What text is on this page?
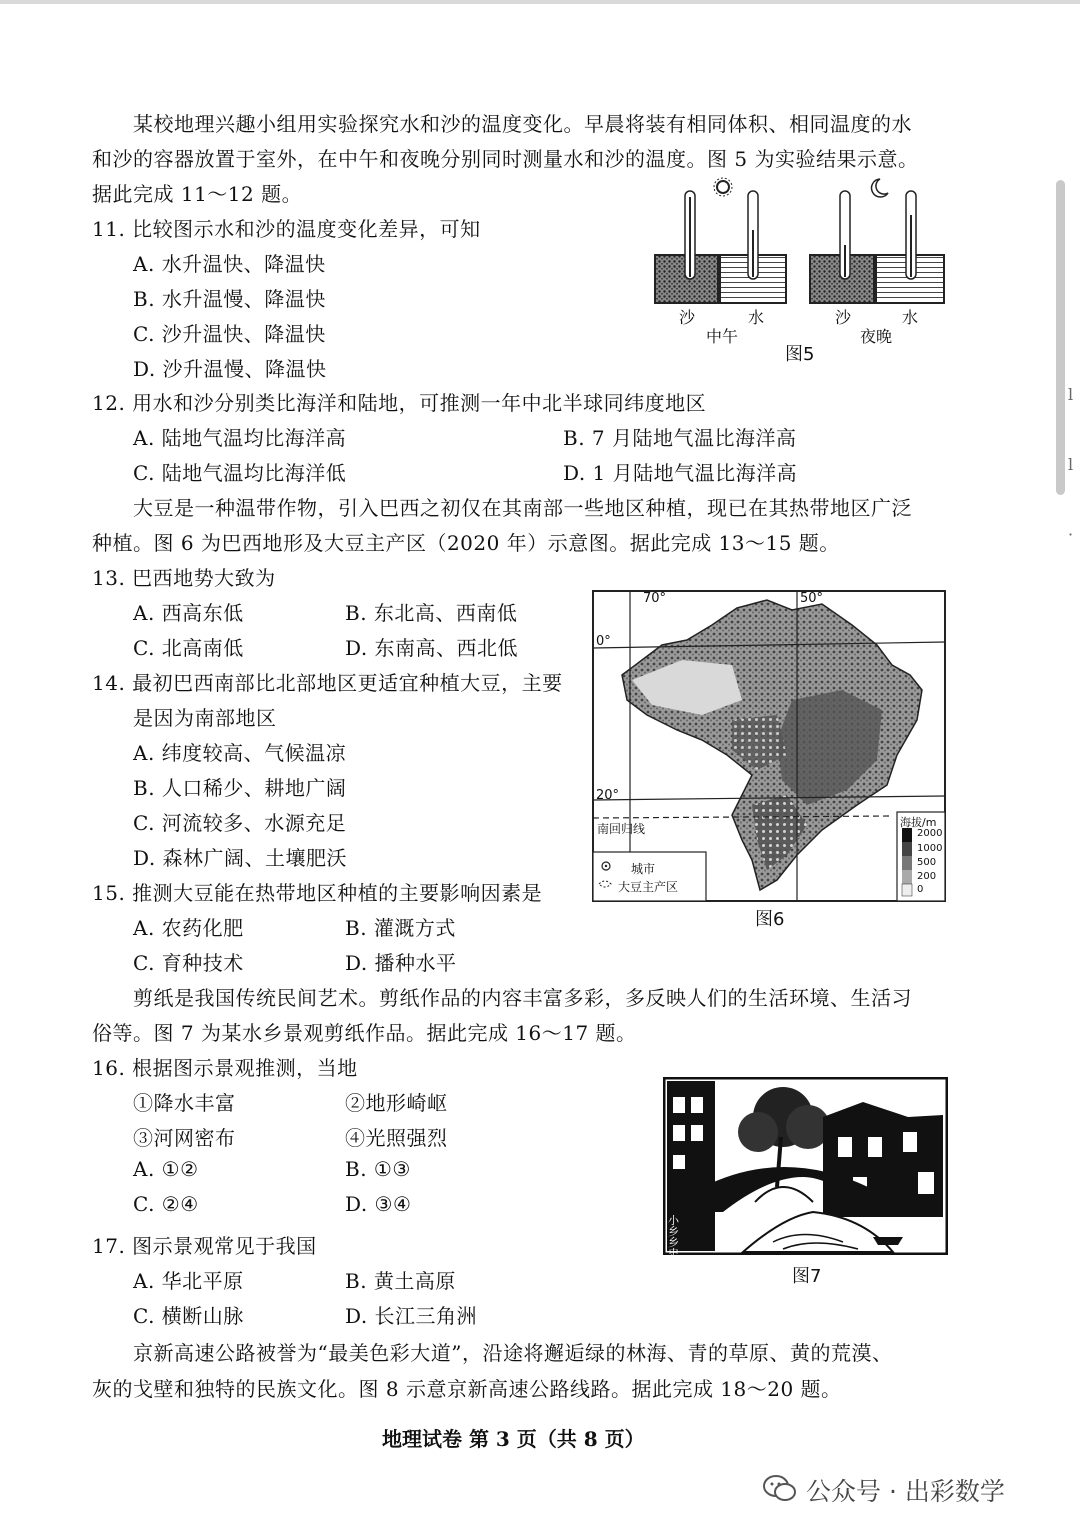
l
l
·
某校地理兴趣小组用实验探究水和沙的温度变化。早晨将装有相同体积、相同温度的水
和沙的容器放置于室外，在中午和夜晚分别同时测量水和沙的温度。图 5 为实验结果示意。
据此完成 11～12 题。
11. 比较图示水和沙的温度变化差异，可知
A. 水升温快、降温快
B. 水升温慢、降温快
C. 沙升温快、降温快
D. 沙升温慢、降温快
沙	水
中午
沙	水
夜晚
图5
12. 用水和沙分别类比海洋和陆地，可推测一年中北半球同纬度地区
A. 陆地气温均比海洋高	B. 7 月陆地气温比海洋高
C. 陆地气温均比海洋低	D. 1 月陆地气温比海洋高
大豆是一种温带作物，引入巴西之初仅在其南部一些地区种植，现已在其热带地区广泛
种植。图 6 为巴西地形及大豆主产区（2020 年）示意图。据此完成 13～15 题。
13. 巴西地势大致为
A. 西高东低	B. 东北高、西南低
C. 北高南低	D. 东南高、西北低
14. 最初巴西南部比北部地区更适宜种植大豆，主要
是因为南部地区
A. 纬度较高、气候温凉
B. 人口稀少、耕地广阔
C. 河流较多、水源充足
D. 森林广阔、土壤肥沃
70°	50°
0°
20°
南回归线
城市
大豆主产区
海拔/m
2000
1000
500
200
0
图6
15. 推测大豆能在热带地区种植的主要影响因素是
A. 农药化肥	B. 灌溉方式
C. 育种技术	D. 播种水平
剪纸是我国传统民间艺术。剪纸作品的内容丰富多彩，多反映人们的生活环境、生活习
俗等。图 7 为某水乡景观剪纸作品。据此完成 16～17 题。
16. 根据图示景观推测，当地
①降水丰富	②地形崎岖
③河网密布	④光照强烈
A. ①②	B. ①③
C. ②④	D. ③④
小乡乡史
图7
17. 图示景观常见于我国
A. 华北平原	B. 黄土高原
C. 横断山脉	D. 长江三角洲
京新高速公路被誉为“最美色彩大道”，沿途将邂逅绿的林海、青的草原、黄的荒漠、
灰的戈壁和独特的民族文化。图 8 示意京新高速公路线路。据此完成 18～20 题。
地理试卷 第 3 页（共 8 页）
公众号 · 出彩数学
